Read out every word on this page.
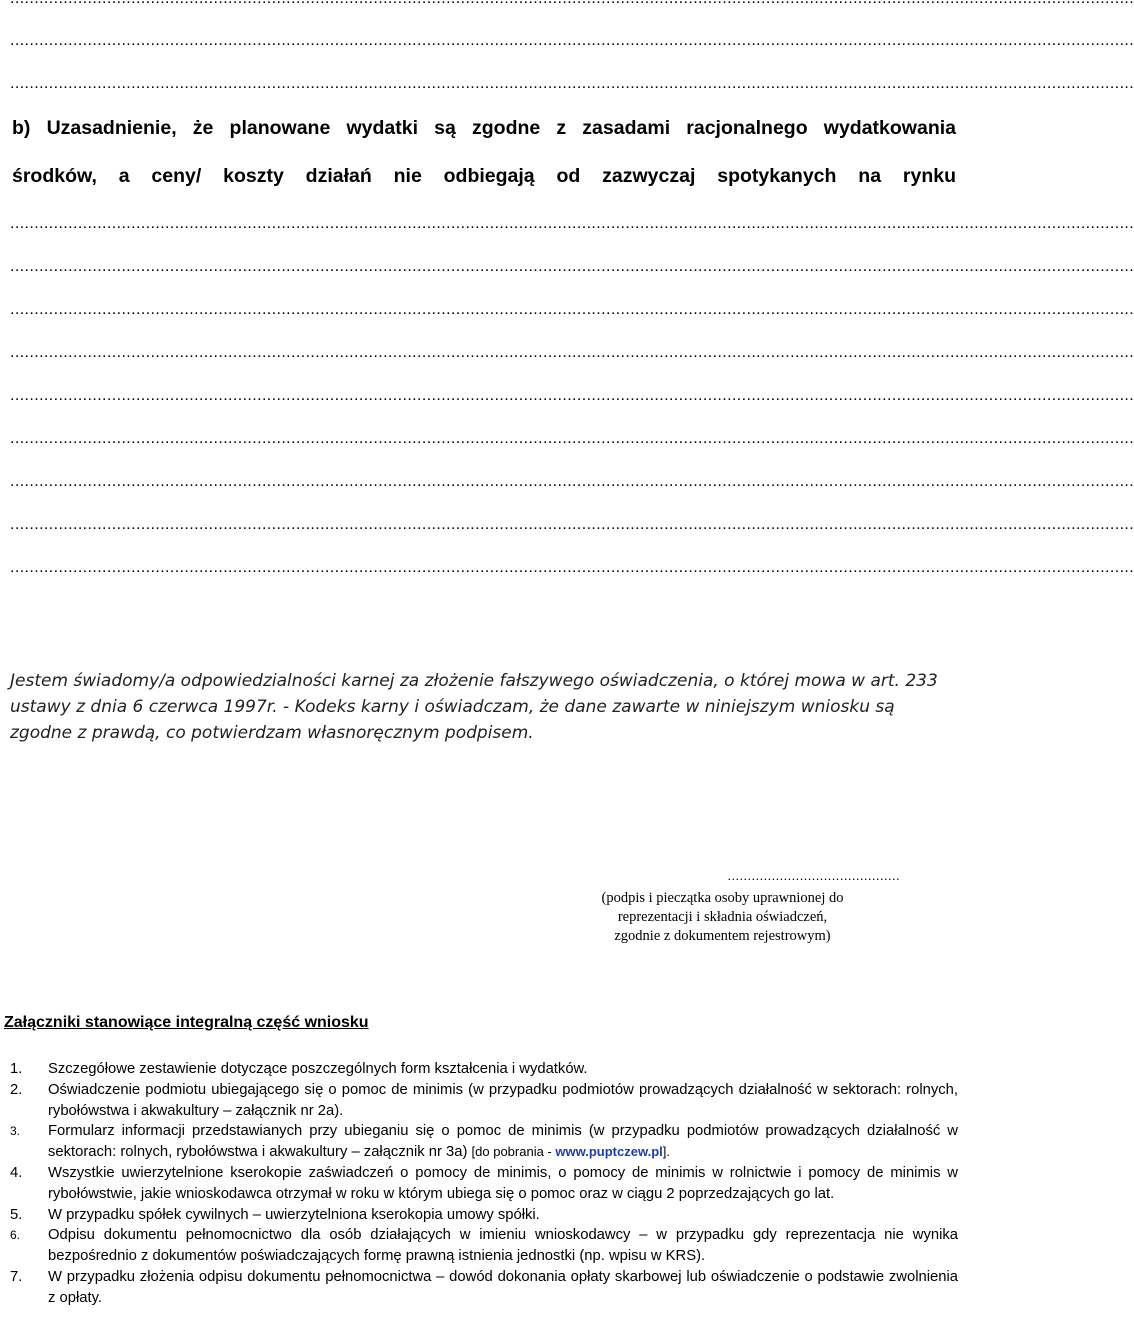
........................................................................................................................................................................................................................................
........................................................................................................................................................................................................................................
b) Uzasadnienie, że planowane wydatki są zgodne z zasadami racjonalnego wydatkowania
środków, a ceny/ koszty działań nie odbiegają od zazwyczaj spotykanych na rynku
........................................................................................................................................................................................................................................
........................................................................................................................................................................................................................................
........................................................................................................................................................................................................................................
........................................................................................................................................................................................................................................
........................................................................................................................................................................................................................................
........................................................................................................................................................................................................................................
........................................................................................................................................................................................................................................
........................................................................................................................................................................................................................................
........................................................................................................................................................................................................................................
Jestem świadomy/a odpowiedzialności karnej za złożenie fałszywego oświadczenia, o której mowa w art. 233 ustawy z dnia 6 czerwca 1997r. - Kodeks karny i oświadczam, że dane zawarte w niniejszym wniosku są zgodne z prawdą, co potwierdzam własnoręcznym podpisem.
...........................................
(podpis i pieczątka osoby uprawnionej do
reprezentacji i składnia oświadczeń,
zgodnie z dokumentem rejestrowym)
Załączniki stanowiące integralną część wniosku
1. Szczegółowe zestawienie dotyczące poszczególnych form kształcenia i wydatków.
2. Oświadczenie podmiotu ubiegającego się o pomoc de minimis (w przypadku podmiotów prowadzących działalność w sektorach: rolnych, rybołówstwa i akwakultury – załącznik nr 2a).
3. Formularz informacji przedstawianych przy ubieganiu się o pomoc de minimis (w przypadku podmiotów prowadzących działalność w sektorach: rolnych, rybołówstwa i akwakultury – załącznik nr 3a) [do pobrania - www.puptczew.pl].
4. Wszystkie uwierzytelnione kserokopie zaświadczeń o pomocy de minimis, o pomocy de minimis w rolnictwie i pomocy de minimis w rybołówstwie, jakie wnioskodawca otrzymał w roku w którym ubiega się o pomoc oraz w ciągu 2 poprzedzających go lat.
5. W przypadku spółek cywilnych – uwierzytelniona kserokopia umowy spółki.
6. Odpisu dokumentu pełnomocnictwo dla osób działających w imieniu wnioskodawcy – w przypadku gdy reprezentacja nie wynika bezpośrednio z dokumentów poświadczających formę prawną istnienia jednostki (np. wpisu w KRS).
7. W przypadku złożenia odpisu dokumentu pełnomocnictwa – dowód dokonania opłaty skarbowej lub oświadczenie o podstawie zwolnienia z opłaty.
